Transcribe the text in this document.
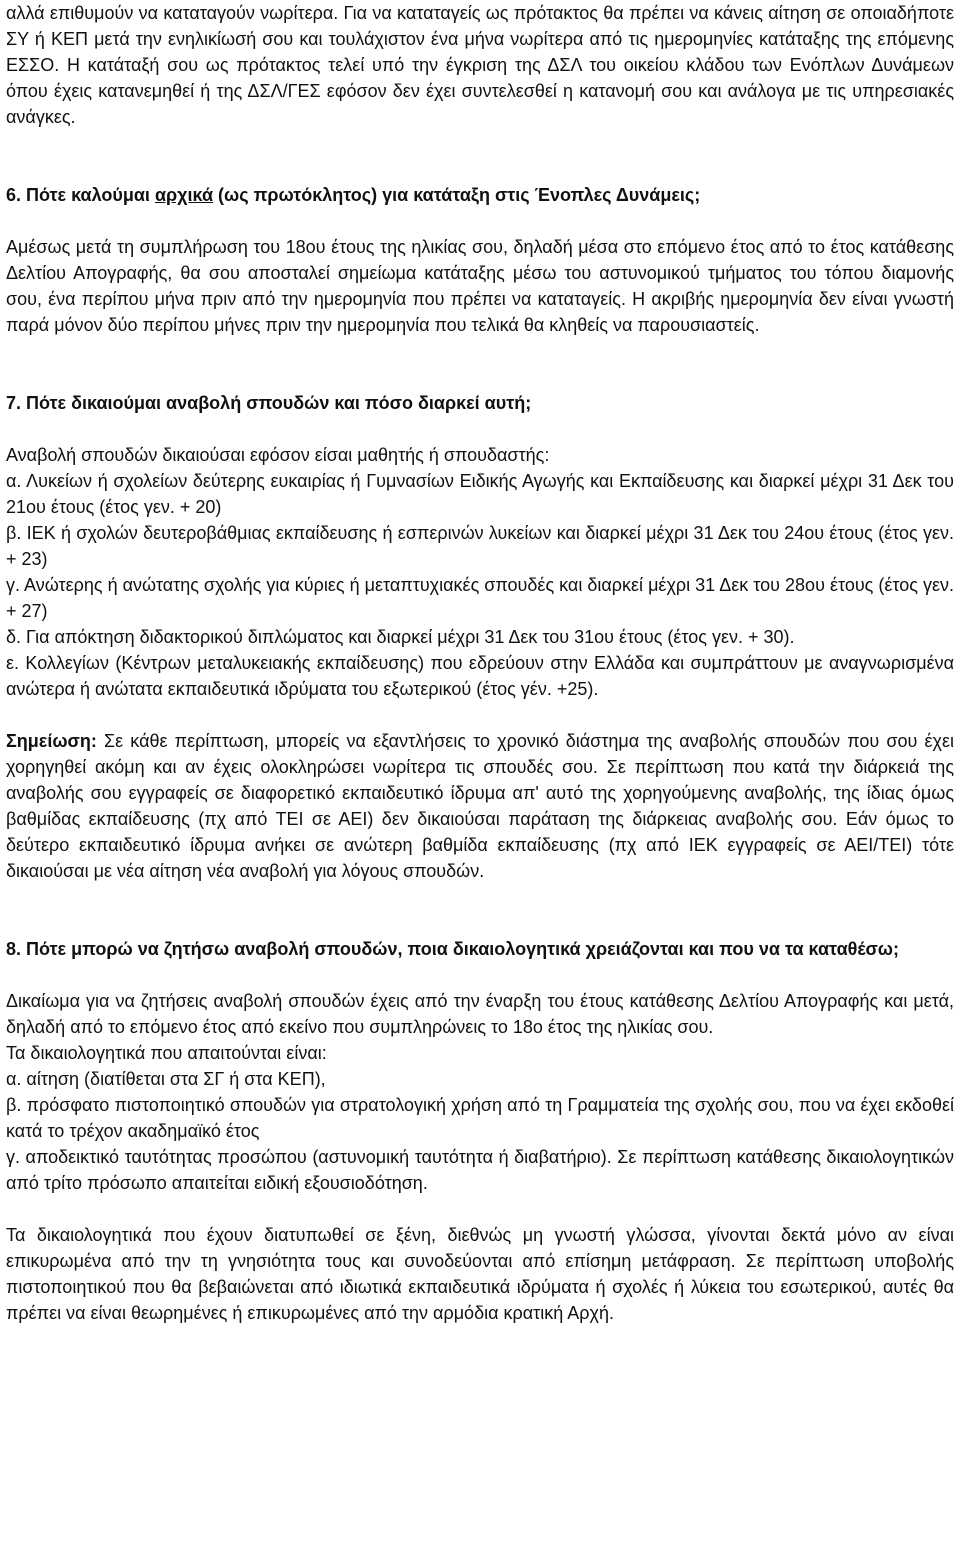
αλλά επιθυμούν να καταταγούν νωρίτερα. Για να καταταγείς ως πρότακτος θα πρέπει να κάνεις αίτηση σε οποιαδήποτε ΣΥ ή ΚΕΠ μετά την ενηλικίωσή σου και τουλάχιστον ένα μήνα νωρίτερα από τις ημερομηνίες κατάταξης της επόμενης ΕΣΣΟ. Η κατάταξή σου ως πρότακτος τελεί υπό την έγκριση της ΔΣΛ του οικείου κλάδου των Ενόπλων Δυνάμεων όπου έχεις κατανεμηθεί ή της ΔΣΛ/ΓΕΣ εφόσον δεν έχει συντελεσθεί η κατανομή σου και ανάλογα με τις υπηρεσιακές ανάγκες.

6. Πότε καλούμαι αρχικά (ως πρωτόκλητος) για κατάταξη στις Ένοπλες Δυνάμεις;

Αμέσως μετά τη συμπλήρωση του 18ου έτους της ηλικίας σου, δηλαδή μέσα στο επόμενο έτος από το έτος κατάθεσης Δελτίου Απογραφής, θα σου αποσταλεί σημείωμα κατάταξης μέσω του αστυνομικού τμήματος του τόπου διαμονής σου, ένα περίπου μήνα πριν από την ημερομηνία που πρέπει να καταταγείς. Η ακριβής ημερομηνία δεν είναι γνωστή παρά μόνον δύο περίπου μήνες πριν την ημερομηνία που τελικά θα κληθείς να παρουσιαστείς.

7. Πότε δικαιούμαι αναβολή σπουδών και πόσο διαρκεί αυτή;

Αναβολή σπουδών δικαιούσαι εφόσον είσαι μαθητής ή σπουδαστής:

α. Λυκείων ή σχολείων δεύτερης ευκαιρίας ή Γυμνασίων Ειδικής Αγωγής και Εκπαίδευσης και διαρκεί μέχρι 31 Δεκ του 21ου έτους (έτος γεν. + 20)

β. ΙΕΚ ή σχολών δευτεροβάθμιας εκπαίδευσης ή εσπερινών λυκείων και διαρκεί μέχρι 31 Δεκ του 24ου έτους (έτος γεν. + 23)

γ. Ανώτερης ή ανώτατης σχολής για κύριες ή μεταπτυχιακές σπουδές και διαρκεί μέχρι 31 Δεκ του 28ου έτους (έτος γεν. + 27)

δ. Για απόκτηση διδακτορικού διπλώματος και διαρκεί μέχρι 31 Δεκ του 31ου έτους (έτος γεν. + 30).

ε. Κολλεγίων (Κέντρων μεταλυκειακής εκπαίδευσης) που εδρεύουν στην Ελλάδα και συμπράττουν με αναγνωρισμένα ανώτερα ή ανώτατα εκπαιδευτικά ιδρύματα του εξωτερικού (έτος γέν. +25).

Σημείωση: Σε κάθε περίπτωση, μπορείς να εξαντλήσεις το χρονικό διάστημα της αναβολής σπουδών που σου έχει χορηγηθεί ακόμη και αν έχεις ολοκληρώσει νωρίτερα τις σπουδές σου. Σε περίπτωση που κατά την διάρκειά της αναβολής σου εγγραφείς σε διαφορετικό εκπαιδευτικό ίδρυμα απ' αυτό της χορηγούμενης αναβολής, της ίδιας όμως βαθμίδας εκπαίδευσης (πχ από ΤΕΙ σε ΑΕΙ) δεν δικαιούσαι παράταση της διάρκειας αναβολής σου. Εάν όμως το δεύτερο εκπαιδευτικό ίδρυμα ανήκει σε ανώτερη βαθμίδα εκπαίδευσης (πχ από ΙΕΚ εγγραφείς σε ΑΕΙ/ΤΕΙ) τότε δικαιούσαι με νέα αίτηση νέα αναβολή για λόγους σπουδών.

8. Πότε μπορώ να ζητήσω αναβολή σπουδών, ποια δικαιολογητικά χρειάζονται και που να τα καταθέσω;

Δικαίωμα για να ζητήσεις αναβολή σπουδών έχεις από την έναρξη του έτους κατάθεσης Δελτίου Απογραφής και μετά, δηλαδή από το επόμενο έτος από εκείνο που συμπληρώνεις το 18ο έτος της ηλικίας σου.

Τα δικαιολογητικά που απαιτούνται είναι:

α. αίτηση (διατίθεται στα ΣΓ ή στα ΚΕΠ),

β. πρόσφατο πιστοποιητικό σπουδών για στρατολογική χρήση από τη Γραμματεία της σχολής σου, που να έχει εκδοθεί κατά το τρέχον ακαδημαϊκό έτος

γ. αποδεικτικό ταυτότητας προσώπου (αστυνομική ταυτότητα ή διαβατήριο). Σε περίπτωση κατάθεσης δικαιολογητικών από τρίτο πρόσωπο απαιτείται ειδική εξουσιοδότηση.

Τα δικαιολογητικά που έχουν διατυπωθεί σε ξένη, διεθνώς μη γνωστή γλώσσα, γίνονται δεκτά μόνο αν είναι επικυρωμένα από την τη γνησιότητα τους και συνοδεύονται από επίσημη μετάφραση. Σε περίπτωση υποβολής πιστοποιητικού που θα βεβαιώνεται από ιδιωτικά εκπαιδευτικά ιδρύματα ή σχολές ή λύκεια του εσωτερικού, αυτές θα πρέπει να είναι θεωρημένες ή επικυρωμένες από την αρμόδια κρατική Αρχή.
